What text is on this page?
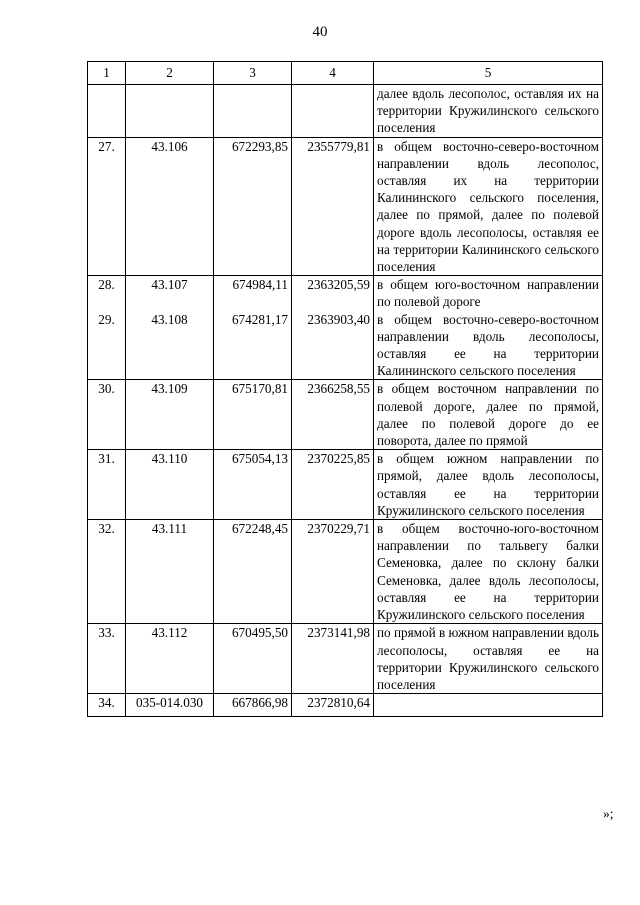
40
1	2	3	4	5
				далее вдоль лесополос, оставляя их на территории Кружилинского сельского поселения
27.	43.106	672293,85	2355779,81	в общем восточно-северо-восточном направлении вдоль лесополос, оставляя их на территории Калининского сельского поселения, далее по прямой, далее по полевой дороге вдоль лесополосы, оставляя ее на территории Калининского сельского поселения
28.	43.107	674984,11	2363205,59	в общем юго-восточном направлении по полевой дороге
29.	43.108	674281,17	2363903,40	в общем восточно-северо-восточном направлении вдоль лесополосы, оставляя ее на территории Калининского сельского поселения
30.	43.109	675170,81	2366258,55	в общем восточном направлении по полевой дороге, далее по прямой, далее по полевой дороге до ее поворота, далее по прямой
31.	43.110	675054,13	2370225,85	в общем южном направлении по прямой, далее вдоль лесополосы, оставляя ее на территории Кружилинского сельского поселения
32.	43.111	672248,45	2370229,71	в общем восточно-юго-восточном направлении по тальвегу балки Семеновка, далее по склону балки Семеновка, далее вдоль лесополосы, оставляя ее на территории Кружилинского сельского поселения
33.	43.112	670495,50	2373141,98	по прямой в южном направлении вдоль лесополосы, оставляя ее на территории Кружилинского сельского поселения
34.	035-014.030	667866,98	2372810,64	
»;
